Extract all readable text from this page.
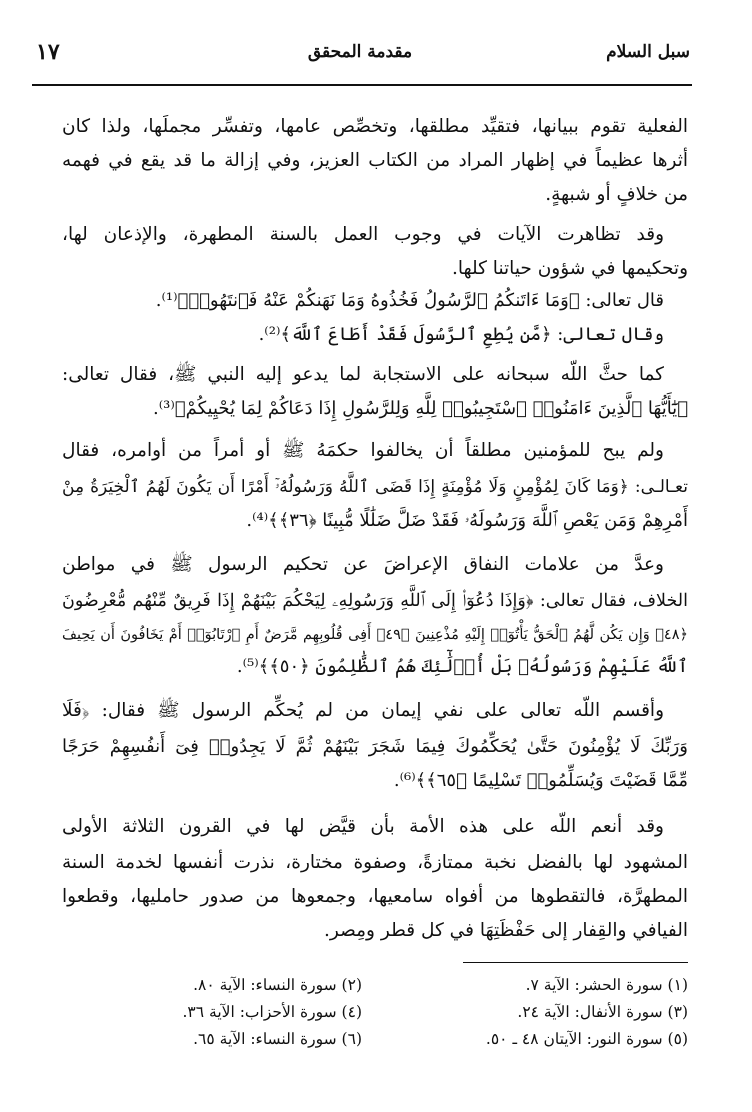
سبل السلام
مقدمة المحقق
١٧
الفعلية تقوم ببيانها، فتقيِّد مطلقها، وتخصِّص عامها، وتفسِّر مجملَها، ولذا كان
أثرها عظيماً في إظهار المراد من الكتاب العزيز، وفي إزالة ما قد يقع في فهمه
من خلافٍ أو شبهةٍ.
وقد تظاهرت الآيات في وجوب العمل بالسنة المطهرة، والإذعان لها،
وتحكيمها في شؤون حياتنا كلها.
قال تعالى: ﴿وَمَا ءَاتَنكُمُ ٱلرَّسُولُ فَخُذُوهُ وَمَا نَهَنكُمْ عَنْهُ فَٱنتَهُوا۟﴾⁽¹⁾.
وقال تعالى: ﴿مَّن يُطِعِ ٱلرَّسُولَ فَقَدْ أَطَاعَ ٱللَّهَ﴾⁽²⁾.
كما حثَّ اللّه سبحانه على الاستجابة لما يدعو إليه النبي ﷺ، فقال تعالى:
﴿يَٰٓأَيُّهَا ٱلَّذِينَ ءَامَنُوا۟ ٱسْتَجِيبُوا۟ لِلَّهِ وَلِلرَّسُولِ إِذَا دَعَاكُمْ لِمَا يُحْيِيكُمْ﴾⁽³⁾.
ولم يبح للمؤمنين مطلقاً أن يخالفوا حكمَهُ ﷺ أو أمراً من أوامره، فقال
تعـالـى: ﴿وَمَا كَانَ لِمُؤْمِنٍ وَلَا مُؤْمِنَةٍ إِذَا قَضَى ٱللَّهُ وَرَسُولُهُۥٓ أَمْرًا أَن يَكُونَ لَهُمُ ٱلْخِيَرَةُ مِنْ
أَمْرِهِمْ وَمَن يَعْصِ ٱللَّهَ وَرَسُولَهُۥ فَقَدْ ضَلَّ ضَلَٰلًا مُّبِينًا ﴿٣٦﴾﴾⁽⁴⁾.
وعدَّ من علامات النفاق الإعراضَ عن تحكيم الرسول ﷺ في مواطن
الخلاف، فقال تعالى: ﴿وَإِذَا دُعُوٓا۟ إِلَى ٱللَّهِ وَرَسُولِهِۦ لِيَحْكُمَ بَيْنَهُمْ إِذَا فَرِيقٌ مِّنْهُم مُّعْرِضُونَ
﴿٤٨﴾ وَإِن يَكُن لَّهُمُ ٱلْحَقُّ يَأْتُوٓا۟ إِلَيْهِ مُذْعِنِينَ ﴿٤٩﴾ أَفِى قُلُوبِهِم مَّرَضٌ أَمِ ٱرْتَابُوٓا۟ أَمْ يَخَافُونَ أَن يَحِيفَ
ٱللَّهُ عَلَيْهِمْ وَرَسُولُهُۥ بَلْ أُو۟لَٰٓئِكَ هُمُ ٱلظَّٰلِمُونَ ﴿٥٠﴾﴾⁽⁵⁾.
وأقسم اللّه تعالى على نفي إيمان من لم يُحكِّم الرسول ﷺ فقال: ﴿فَلَا
وَرَبِّكَ لَا يُؤْمِنُونَ حَتَّىٰ يُحَكِّمُوكَ فِيمَا شَجَرَ بَيْنَهُمْ ثُمَّ لَا يَجِدُوا۟ فِىٓ أَنفُسِهِمْ حَرَجًا
مِّمَّا قَضَيْتَ وَيُسَلِّمُوا۟ تَسْلِيمًا ﴿٦٥﴾﴾⁽⁶⁾.
وقد أنعم اللّه على هذه الأمة بأن قيَّض لها في القرون الثلاثة الأولى
المشهود لها بالفضل نخبة ممتازةً، وصفوة مختارة، نذرت أنفسها لخدمة السنة
المطهرَّة، فالتقطوها من أفواه سامعيها، وجمعوها من صدور حامليها، وقطعوا
الفيافي والقِفار إلى حَفْظَتِهَا في كل قطر ومِصر.
(١) سورة الحشر: الآية ٧.
(٢) سورة النساء: الآية ٨٠.
(٣) سورة الأنفال: الآية ٢٤.
(٤) سورة الأحزاب: الآية ٣٦.
(٥) سورة النور: الآيتان ٤٨ ـ ٥٠.
(٦) سورة النساء: الآية ٦٥.
